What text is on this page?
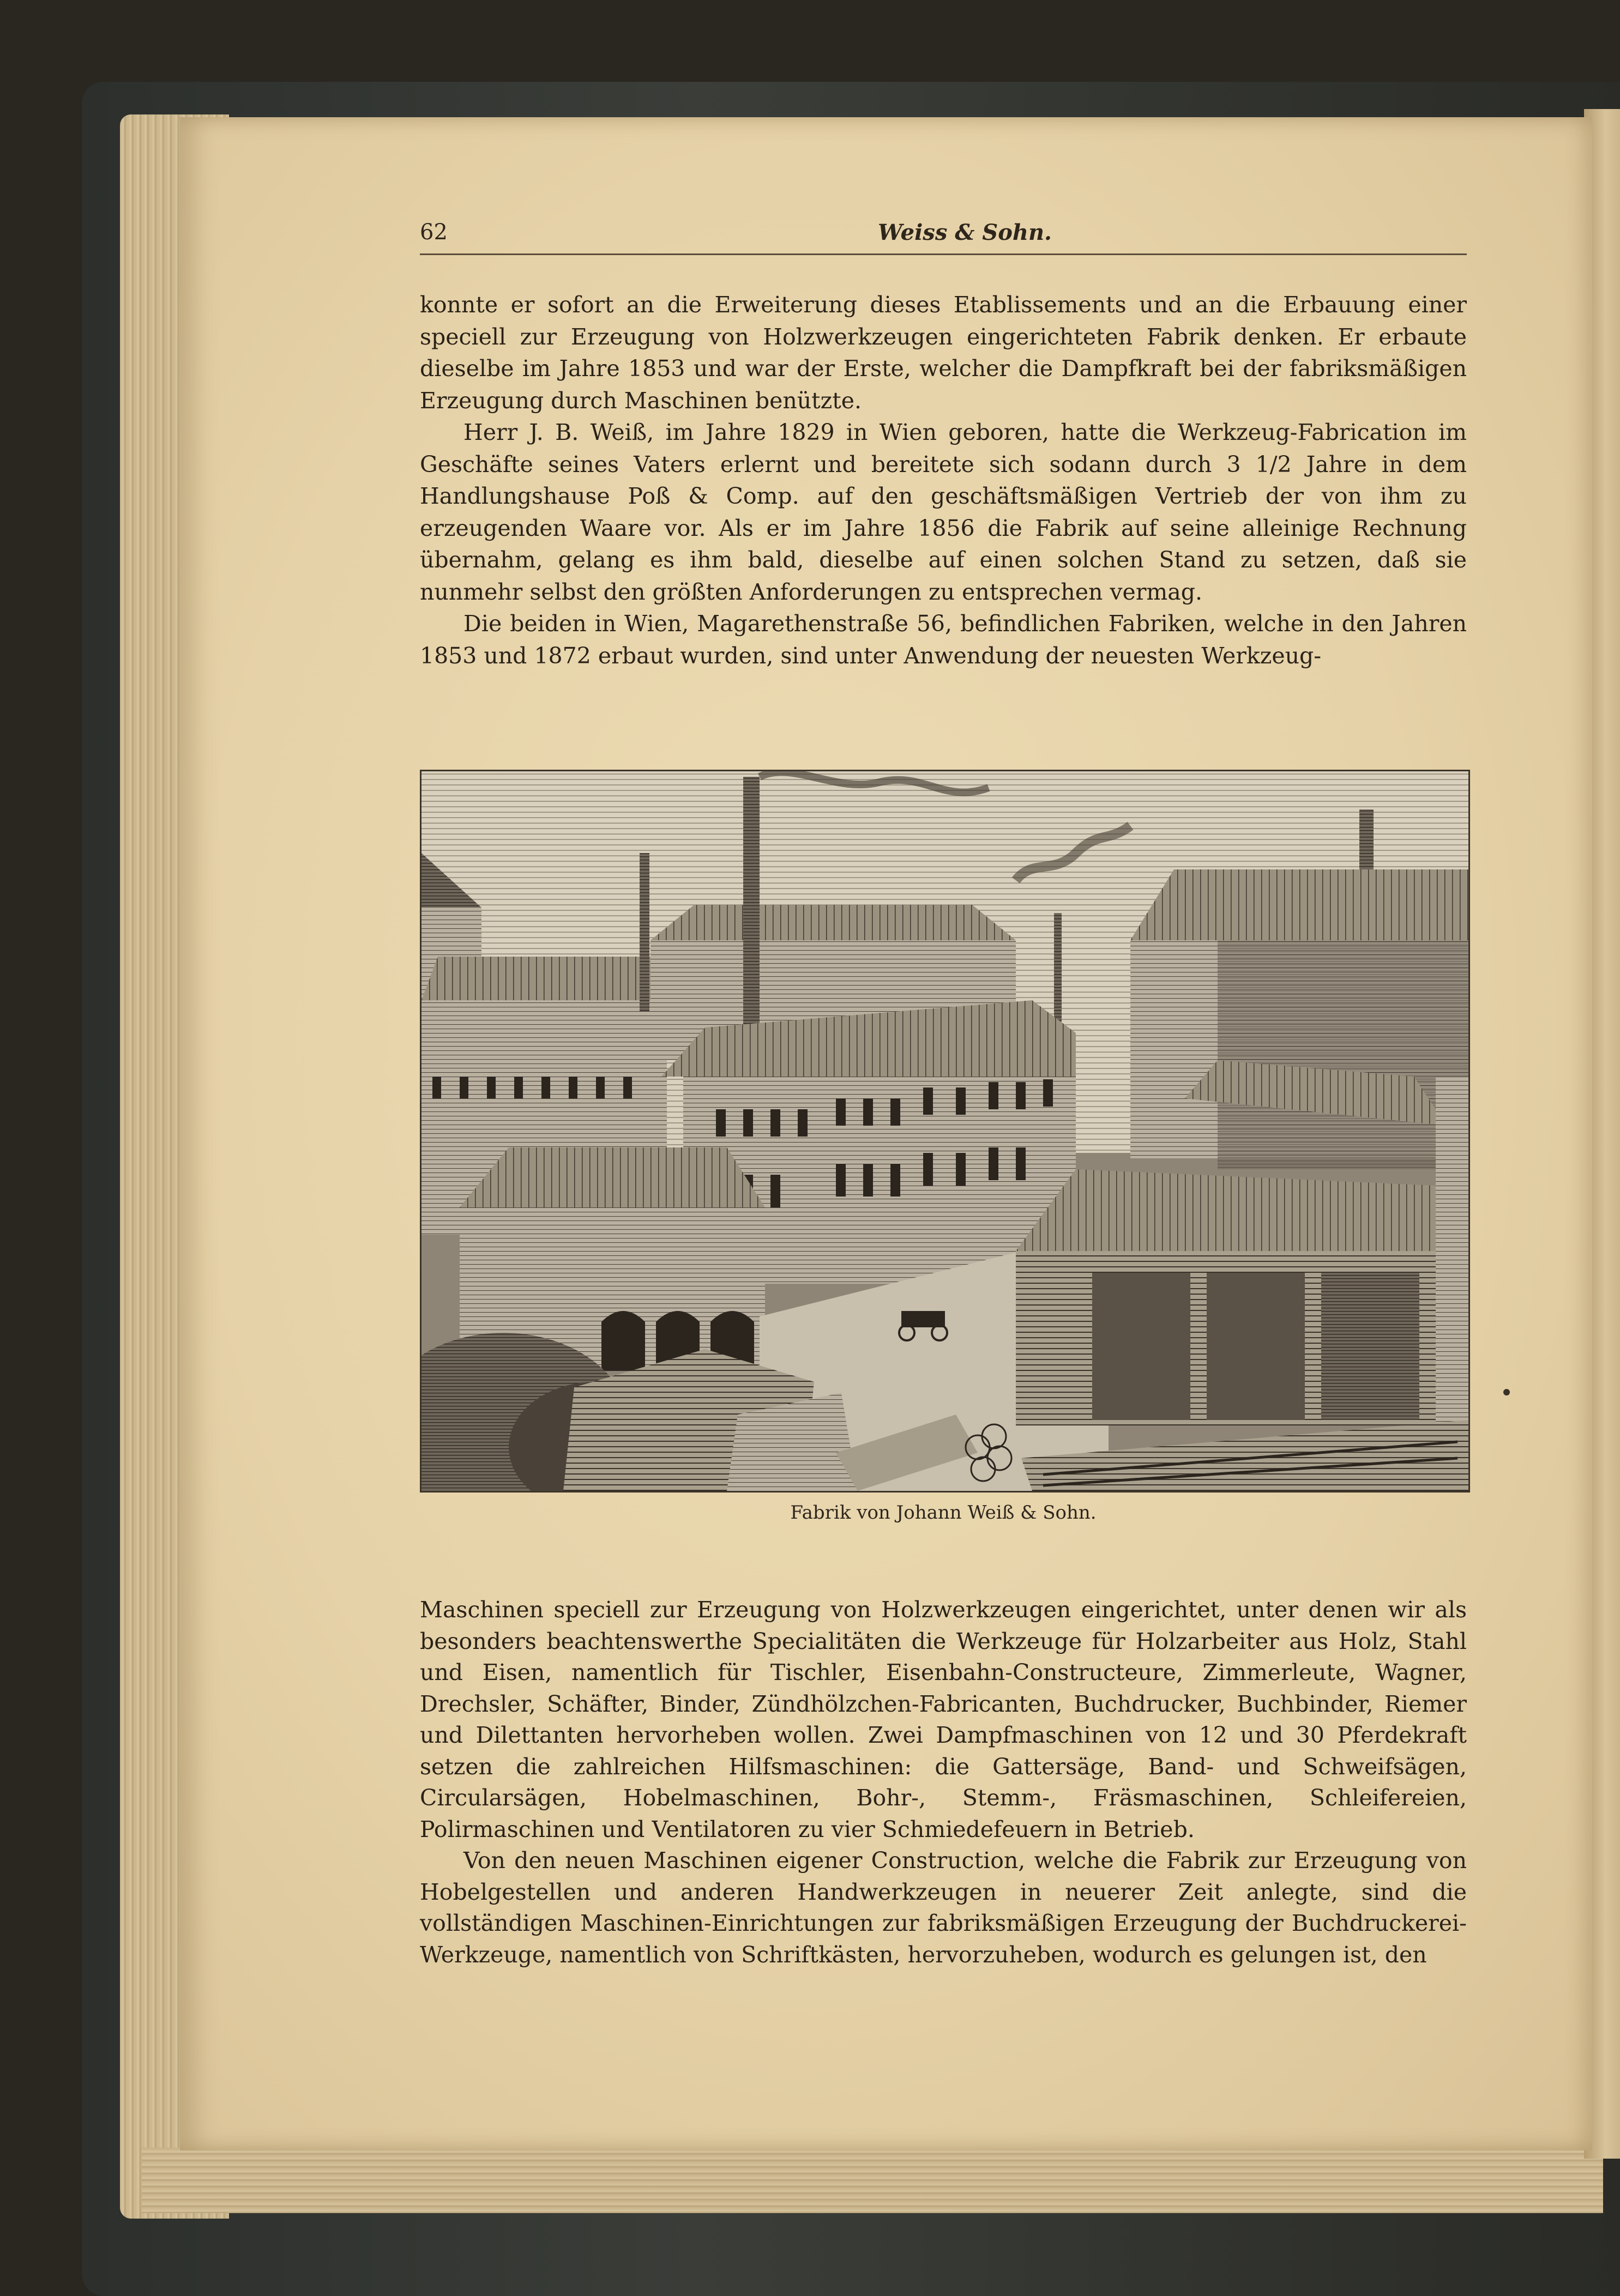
62	Weiss & Sohn.

konnte er sofort an die Erweiterung dieses Etablissements und an die Erbauung einer speciell zur Erzeugung von Holzwerkzeugen eingerichteten Fabrik denken. Er erbaute dieselbe im Jahre 1853 und war der Erste, welcher die Dampfkraft bei der fabriksmäßigen Erzeugung durch Maschinen benützte.

Herr J. B. Weiß, im Jahre 1829 in Wien geboren, hatte die Werkzeug-Fabrication im Geschäfte seines Vaters erlernt und bereitete sich sodann durch 3 1/2 Jahre in dem Handlungshause Poß & Comp. auf den geschäftsmäßigen Vertrieb der von ihm zu erzeugenden Waare vor. Als er im Jahre 1856 die Fabrik auf seine alleinige Rechnung übernahm, gelang es ihm bald, dieselbe auf einen solchen Stand zu setzen, daß sie nunmehr selbst den größten Anforderungen zu entsprechen vermag.

Die beiden in Wien, Magarethenstraße 56, befindlichen Fabriken, welche in den Jahren 1853 und 1872 erbaut wurden, sind unter Anwendung der neuesten Werkzeug-

Fabrik von Johann Weiß & Sohn.

Maschinen speciell zur Erzeugung von Holzwerkzeugen eingerichtet, unter denen wir als besonders beachtenswerthe Specialitäten die Werkzeuge für Holzarbeiter aus Holz, Stahl und Eisen, namentlich für Tischler, Eisenbahn-Constructeure, Zimmerleute, Wagner, Drechsler, Schäfter, Binder, Zündhölzchen-Fabricanten, Buchdrucker, Buchbinder, Riemer und Dilettanten hervorheben wollen. Zwei Dampfmaschinen von 12 und 30 Pferdekraft setzen die zahlreichen Hilfsmaschinen: die Gattersäge, Band- und Schweifsägen, Circularsägen, Hobelmaschinen, Bohr-, Stemm-, Fräsmaschinen, Schleifereien, Polirmaschinen und Ventilatoren zu vier Schmiedefeuern in Betrieb.

Von den neuen Maschinen eigener Construction, welche die Fabrik zur Erzeugung von Hobelgestellen und anderen Handwerkzeugen in neuerer Zeit anlegte, sind die vollständigen Maschinen-Einrichtungen zur fabriksmäßigen Erzeugung der Buchdruckerei-Werkzeuge, namentlich von Schriftkästen, hervorzuheben, wodurch es gelungen ist, den
